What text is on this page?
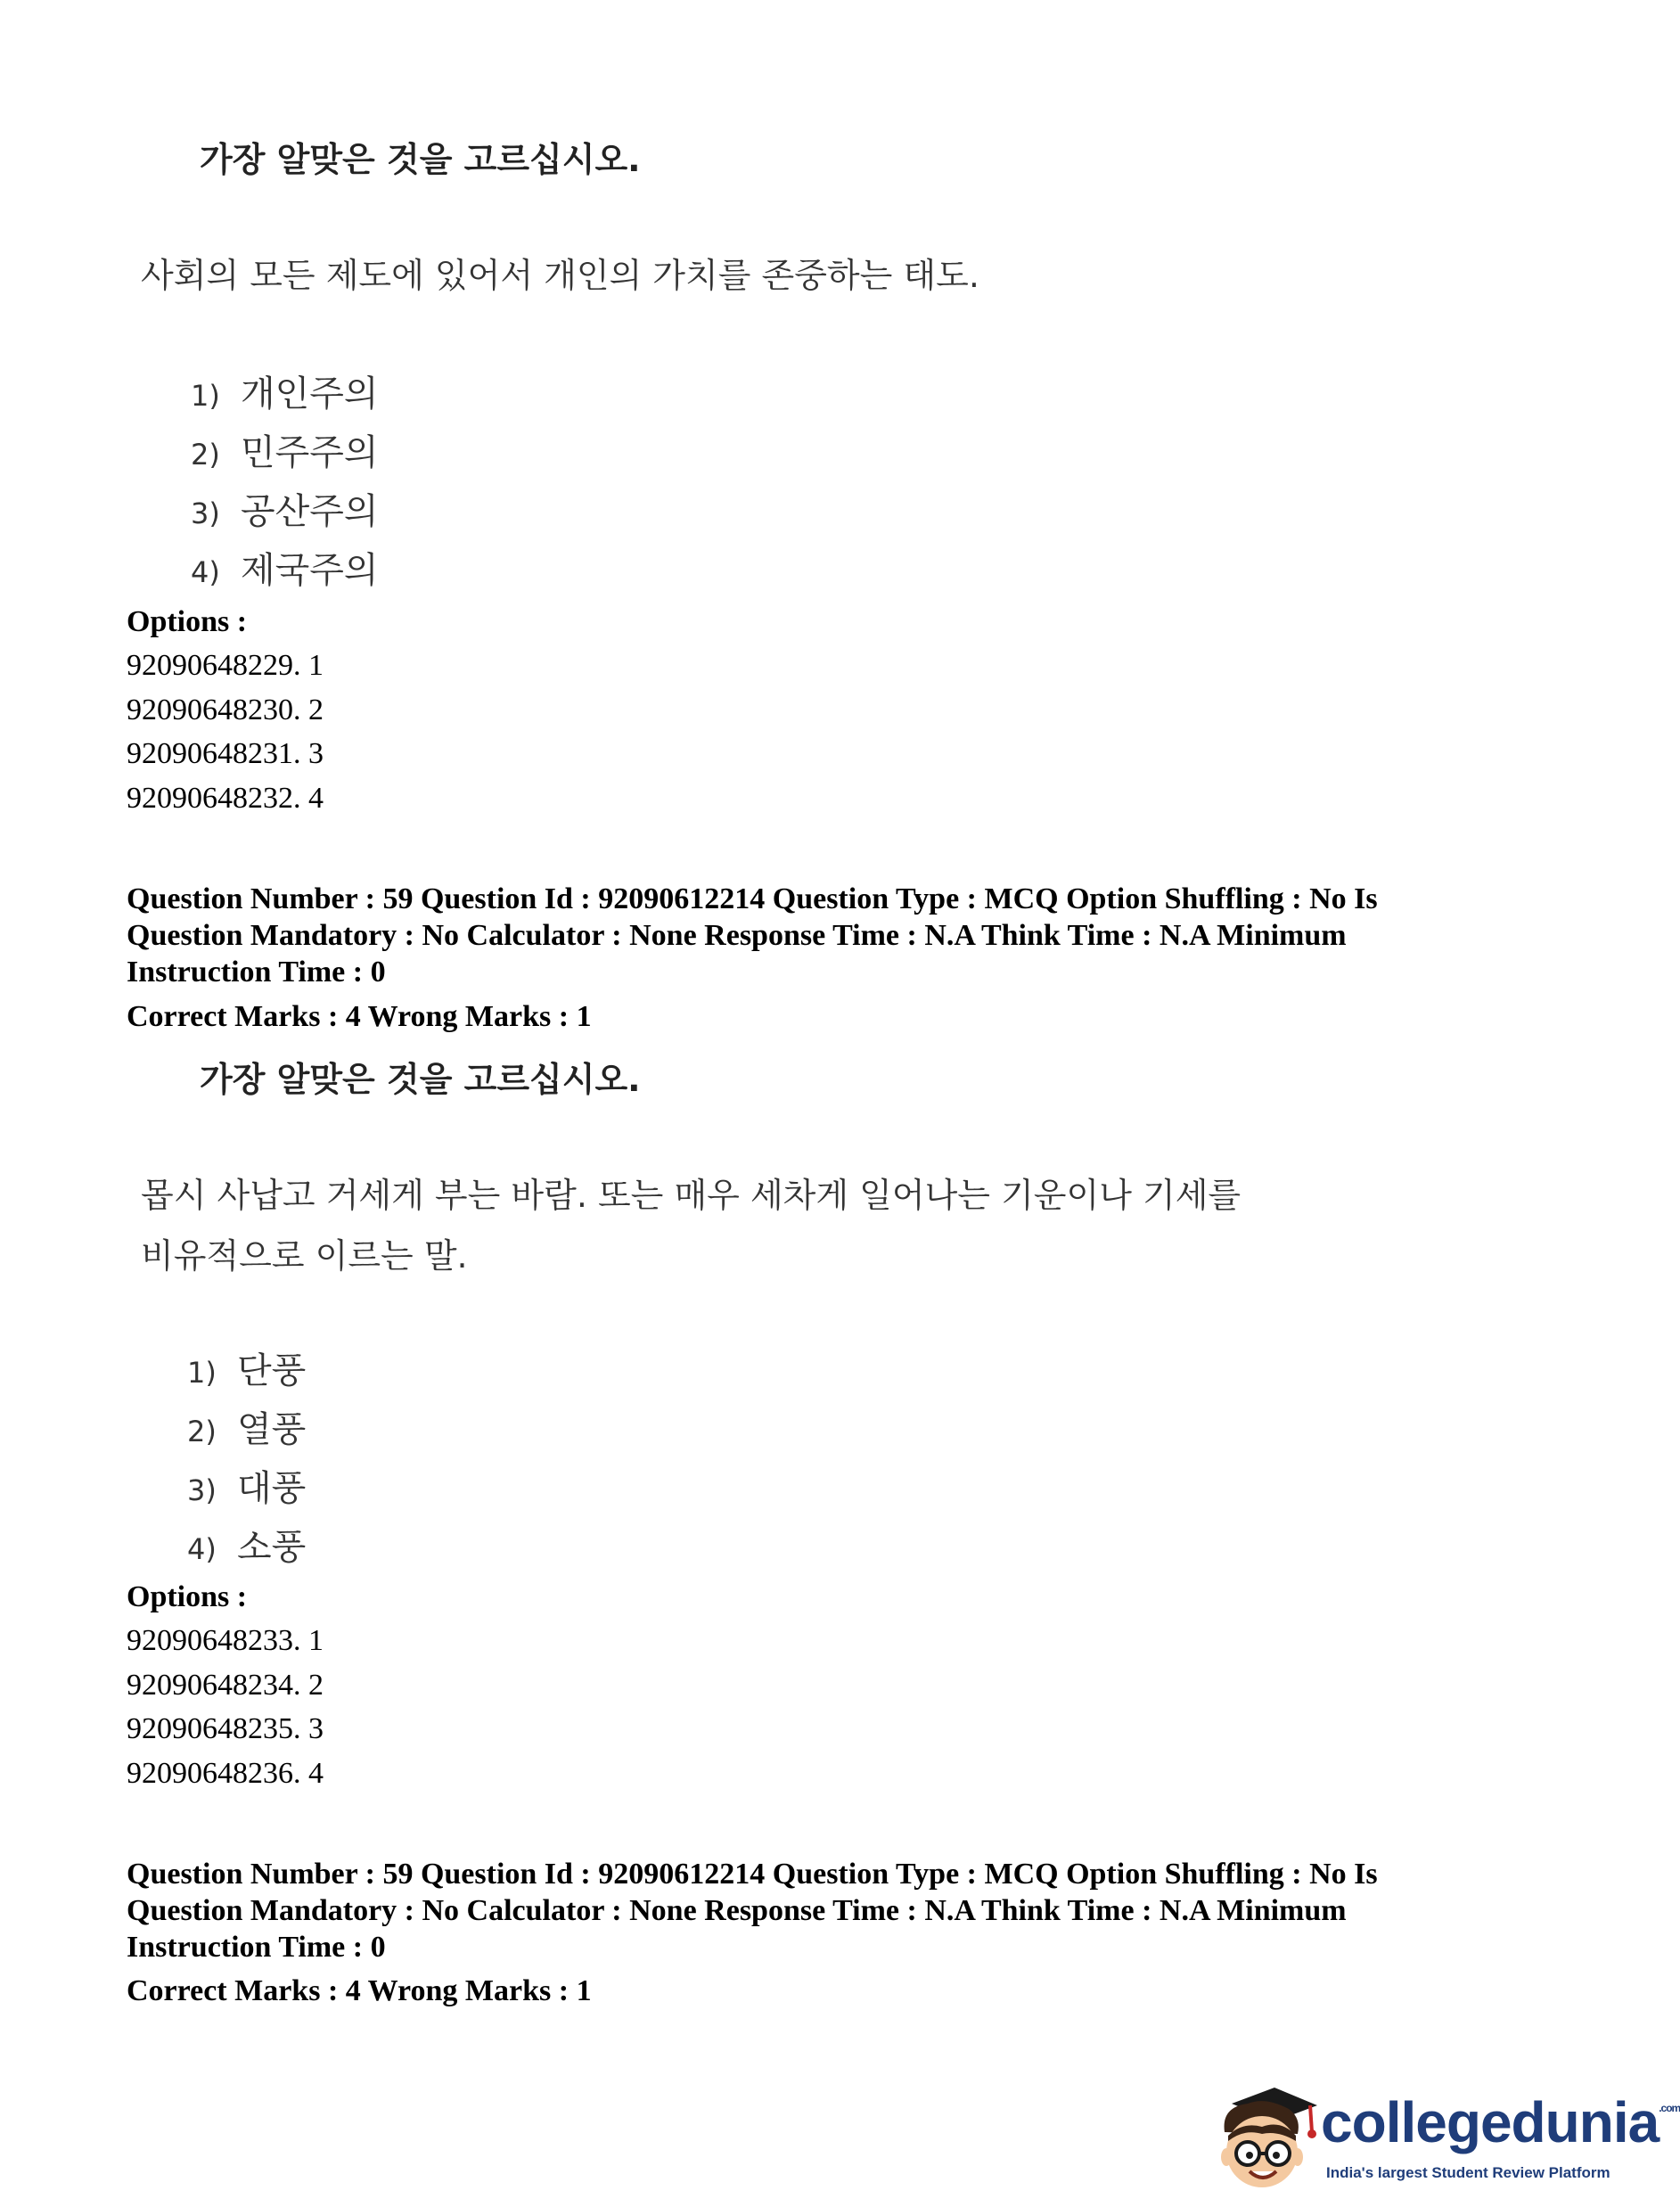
가장 알맞은 것을 고르십시오.
사회의 모든 제도에 있어서 개인의 가치를 존중하는 태도.
1) 개인주의
2) 민주주의
3) 공산주의
4) 제국주의
Options :
92090648229. 1
92090648230. 2
92090648231. 3
92090648232. 4
Question Number : 59 Question Id : 92090612214 Question Type : MCQ Option Shuffling : No Is
Question Mandatory : No Calculator : None Response Time : N.A Think Time : N.A Minimum
Instruction Time : 0
Correct Marks : 4 Wrong Marks : 1
가장 알맞은 것을 고르십시오.
몹시 사납고 거세게 부는 바람. 또는 매우 세차게 일어나는 기운이나 기세를
비유적으로 이르는 말.
1) 단풍
2) 열풍
3) 대풍
4) 소풍
Options :
92090648233. 1
92090648234. 2
92090648235. 3
92090648236. 4
Question Number : 59 Question Id : 92090612214 Question Type : MCQ Option Shuffling : No Is
Question Mandatory : No Calculator : None Response Time : N.A Think Time : N.A Minimum
Instruction Time : 0
Correct Marks : 4 Wrong Marks : 1
collegedunia$^{.com}$
India's largest Student Review Platform
